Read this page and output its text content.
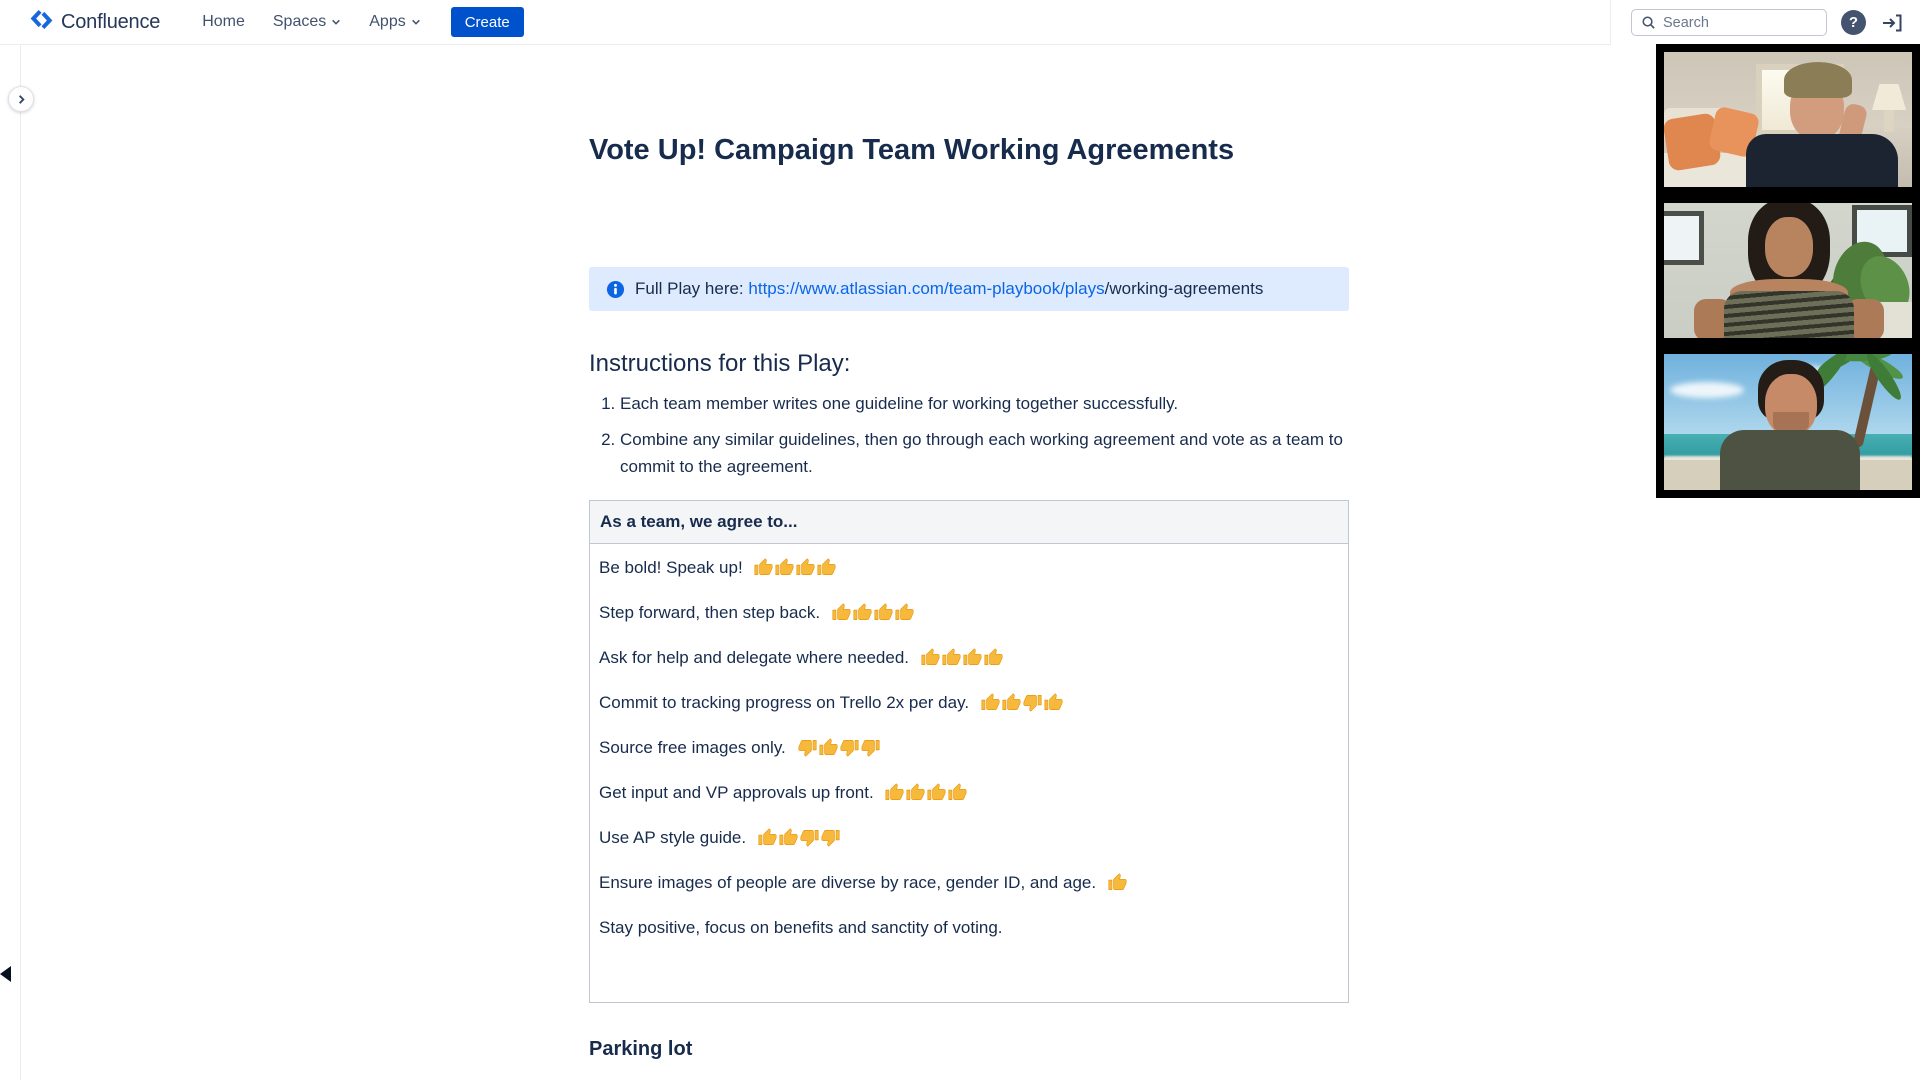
Confluence	Home Spaces	Apps	Create
Search	?
Vote Up! Campaign Team Working Agreements
Full Play here: https://www.atlassian.com/team-playbook/plays/working-agreements
Instructions for this Play:
1. Each team member writes one guideline for working together successfully.
2. Combine any similar guidelines, then go through each working agreement and vote as a team to commit to the agreement.
As a team, we agree to...

Be bold! Speak up!

Step forward, then step back.

Ask for help and delegate where needed.

Commit to tracking progress on Trello 2x per day.

Source free images only.

Get input and VP approvals up front.

Use AP style guide.

Ensure images of people are diverse by race, gender ID, and age.

Stay positive, focus on benefits and sanctity of voting.

Parking lot
